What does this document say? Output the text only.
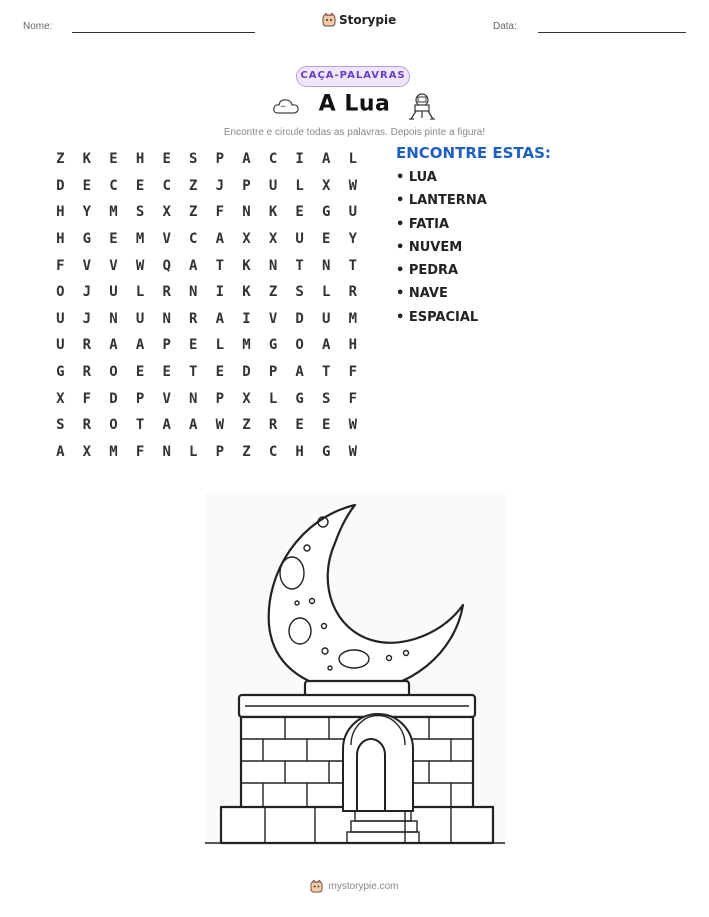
Nome:	Storypie	Data:
CAÇA-PALAVRAS
A Lua
Encontre e circule todas as palavras. Depois pinte a figura!
Z	K	E	H	E	S	P	A	C	I	A	L
D	E	C	E	C	Z	J	P	U	L	X	W
H	Y	M	S	X	Z	F	N	K	E	G	U
H	G	E	M	V	C	A	X	X	U	E	Y
F	V	V	W	Q	A	T	K	N	T	N	T
O	J	U	L	R	N	I	K	Z	S	L	R
U	J	N	U	N	R	A	I	V	D	U	M
U	R	A	A	P	E	L	M	G	O	A	H
G	R	O	E	E	T	E	D	P	A	T	F
X	F	D	P	V	N	P	X	L	G	S	F
S	R	O	T	A	A	W	Z	R	E	E	W
A	X	M	F	N	L	P	Z	C	H	G	W
ENCONTRE ESTAS:
• LUA
• LANTERNA
• FATIA
• NUVEM
• PEDRA
• NAVE
• ESPACIAL
mystorypie.com
